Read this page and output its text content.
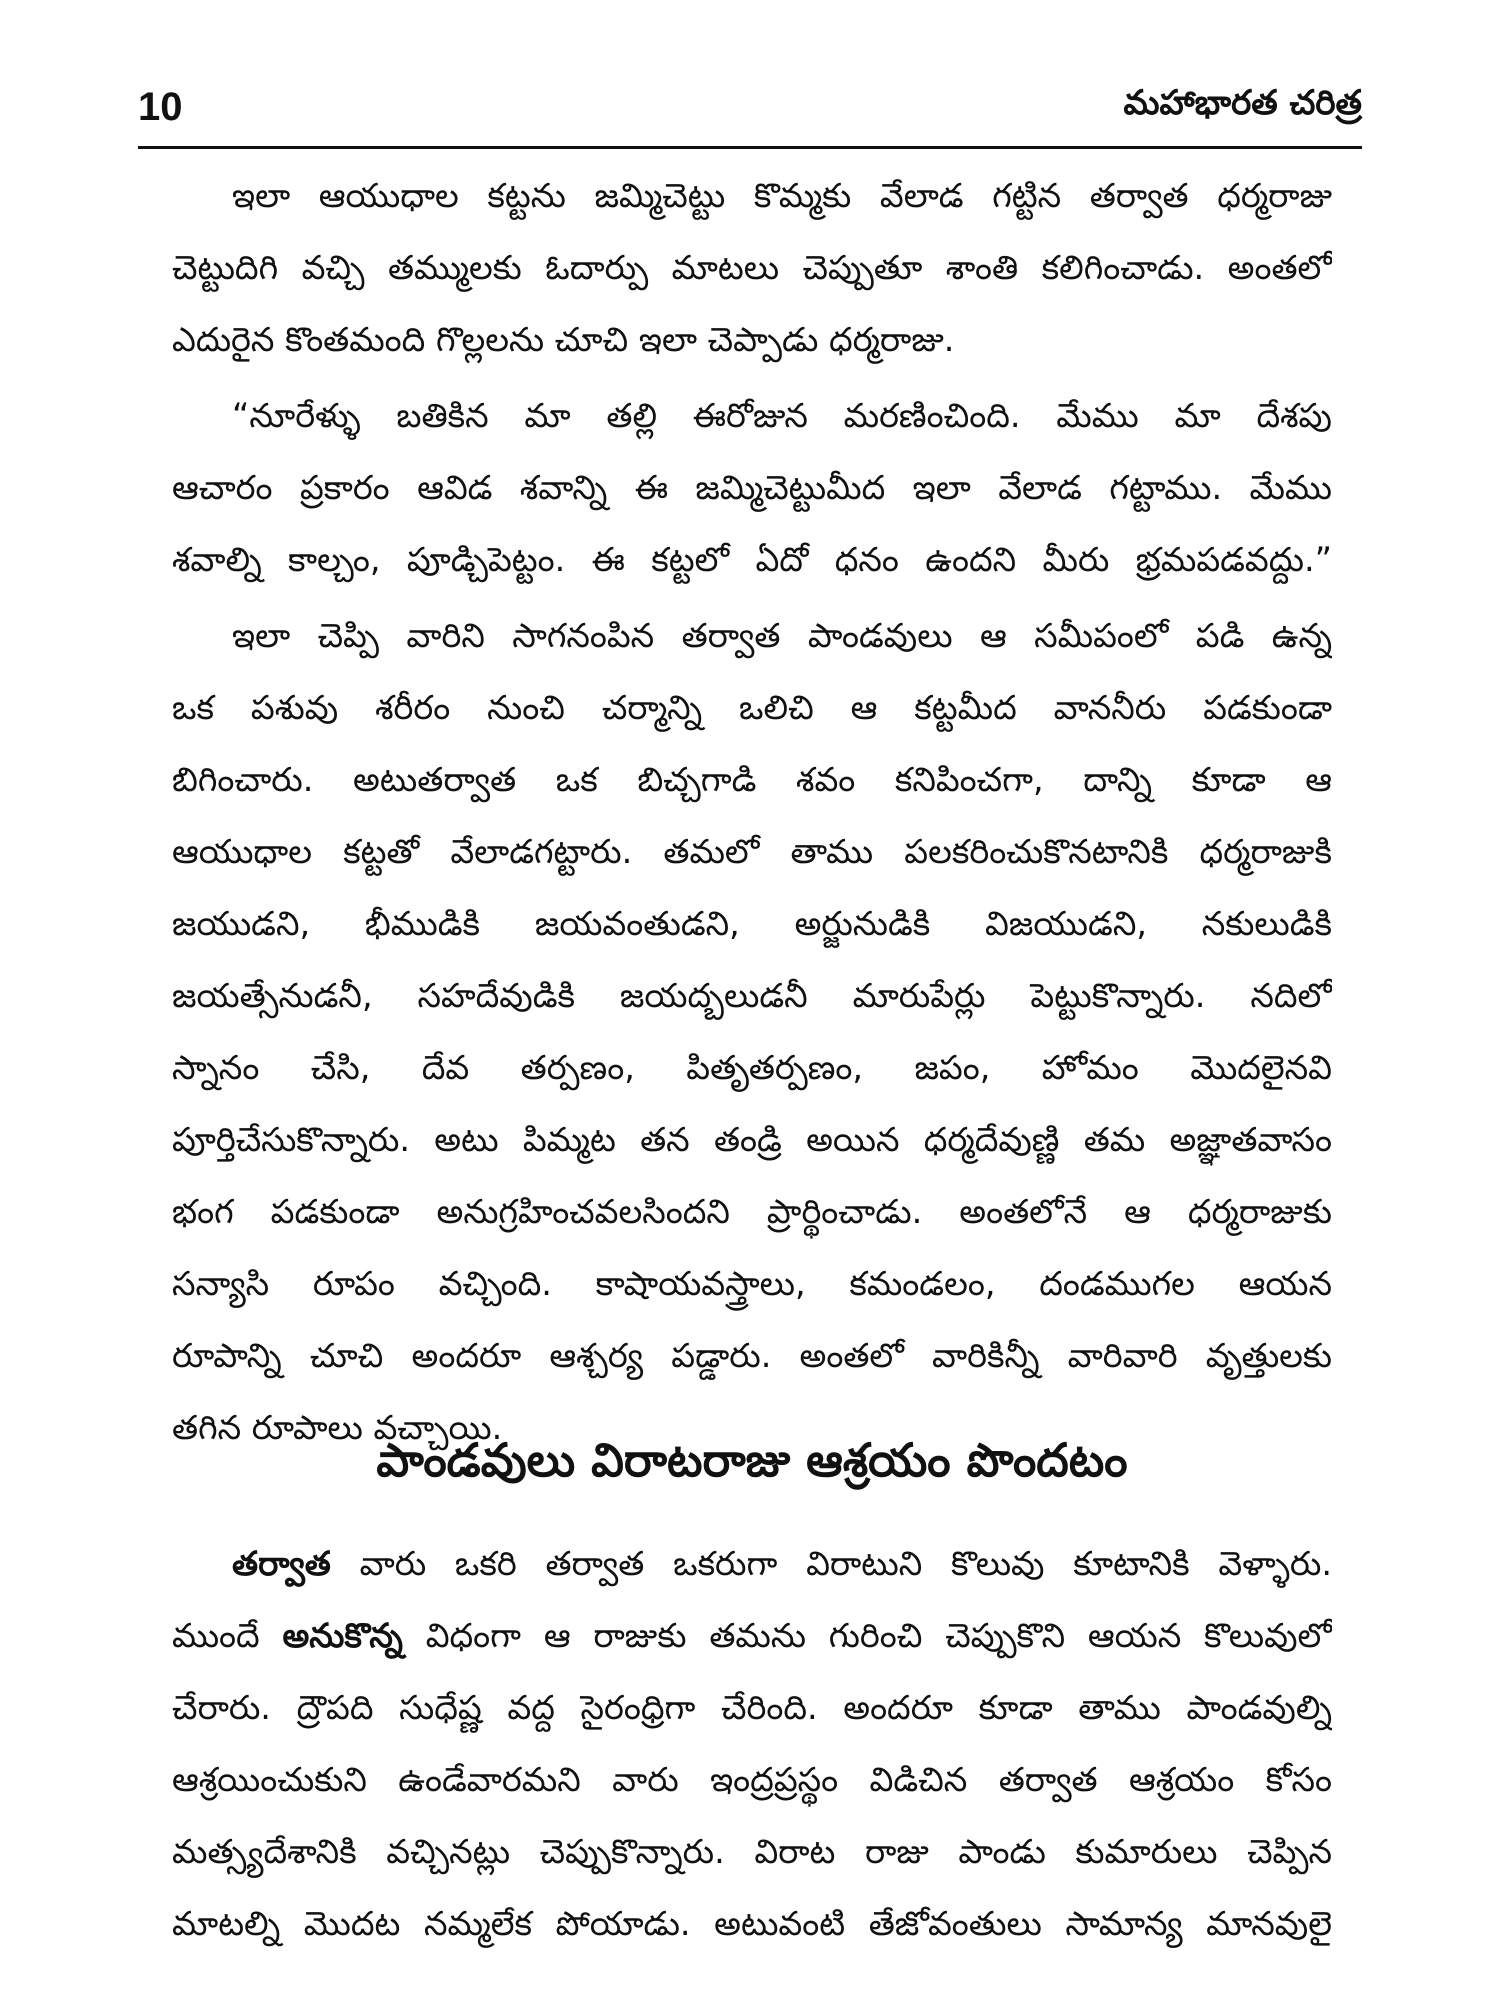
10	మహాభారత చరిత్ర
ఇలా ఆయుధాల కట్టను జమ్మిచెట్టు కొమ్మకు వేలాడ గట్టిన తర్వాత ధర్మరాజు
చెట్టుదిగి వచ్చి తమ్ములకు ఓదార్పు మాటలు చెప్పుతూ శాంతి కలిగించాడు. అంతలో
ఎదురైన కొంతమంది గొల్లలను చూచి ఇలా చెప్పాడు ధర్మరాజు.
“నూరేళ్ళు బతికిన మా తల్లి ఈరోజున మరణించింది. మేము మా దేశపు
ఆచారం ప్రకారం ఆవిడ శవాన్ని ఈ జమ్మిచెట్టుమీద ఇలా వేలాడ గట్టాము. మేము
శవాల్ని కాల్చం, పూడ్చిపెట్టం. ఈ కట్టలో ఏదో ధనం ఉందని మీరు భ్రమపడవద్దు.”
ఇలా చెప్పి వారిని సాగనంపిన తర్వాత పాండవులు ఆ సమీపంలో పడి ఉన్న
ఒక పశువు శరీరం నుంచి చర్మాన్ని ఒలిచి ఆ కట్టమీద వాననీరు పడకుండా
బిగించారు. అటుతర్వాత ఒక బిచ్చగాడి శవం కనిపించగా, దాన్ని కూడా ఆ
ఆయుధాల కట్టతో వేలాడగట్టారు. తమలో తాము పలకరించుకొనటానికి ధర్మరాజుకి
జయుడని, భీముడికి జయవంతుడని, అర్జునుడికి విజయుడని, నకులుడికి
జయత్సేనుడనీ, సహదేవుడికి జయద్బలుడనీ మారుపేర్లు పెట్టుకొన్నారు. నదిలో
స్నానం చేసి, దేవ తర్పణం, పితృతర్పణం, జపం, హోమం మొదలైనవి
పూర్తిచేసుకొన్నారు. అటు పిమ్మట తన తండ్రి అయిన ధర్మదేవుణ్ణి తమ అజ్ఞాతవాసం
భంగ పడకుండా అనుగ్రహించవలసిందని ప్రార్థించాడు. అంతలోనే ఆ ధర్మరాజుకు
సన్యాసి రూపం వచ్చింది. కాషాయవస్త్రాలు, కమండలం, దండముగల ఆయన
రూపాన్ని చూచి అందరూ ఆశ్చర్య పడ్డారు. అంతలో వారికిన్నీ వారివారి వృత్తులకు
తగిన రూపాలు వచ్చాయి.
పాండవులు విరాటరాజు ఆశ్రయం పొందటం
తర్వాత వారు ఒకరి తర్వాత ఒకరుగా విరాటుని కొలువు కూటానికి వెళ్ళారు.
ముందే అనుకొన్న విధంగా ఆ రాజుకు తమను గురించి చెప్పుకొని ఆయన కొలువులో
చేరారు. ద్రౌపది సుధేష్ణ వద్ద సైరంధ్రిగా చేరింది. అందరూ కూడా తాము పాండవుల్ని
ఆశ్రయించుకుని ఉండేవారమని వారు ఇంద్రప్రస్థం విడిచిన తర్వాత ఆశ్రయం కోసం
మత్స్యదేశానికి వచ్చినట్లు చెప్పుకొన్నారు. విరాట రాజు పాండు కుమారులు చెప్పిన
మాటల్ని మొదట నమ్మలేక పోయాడు. అటువంటి తేజోవంతులు సామాన్య మానవులై
